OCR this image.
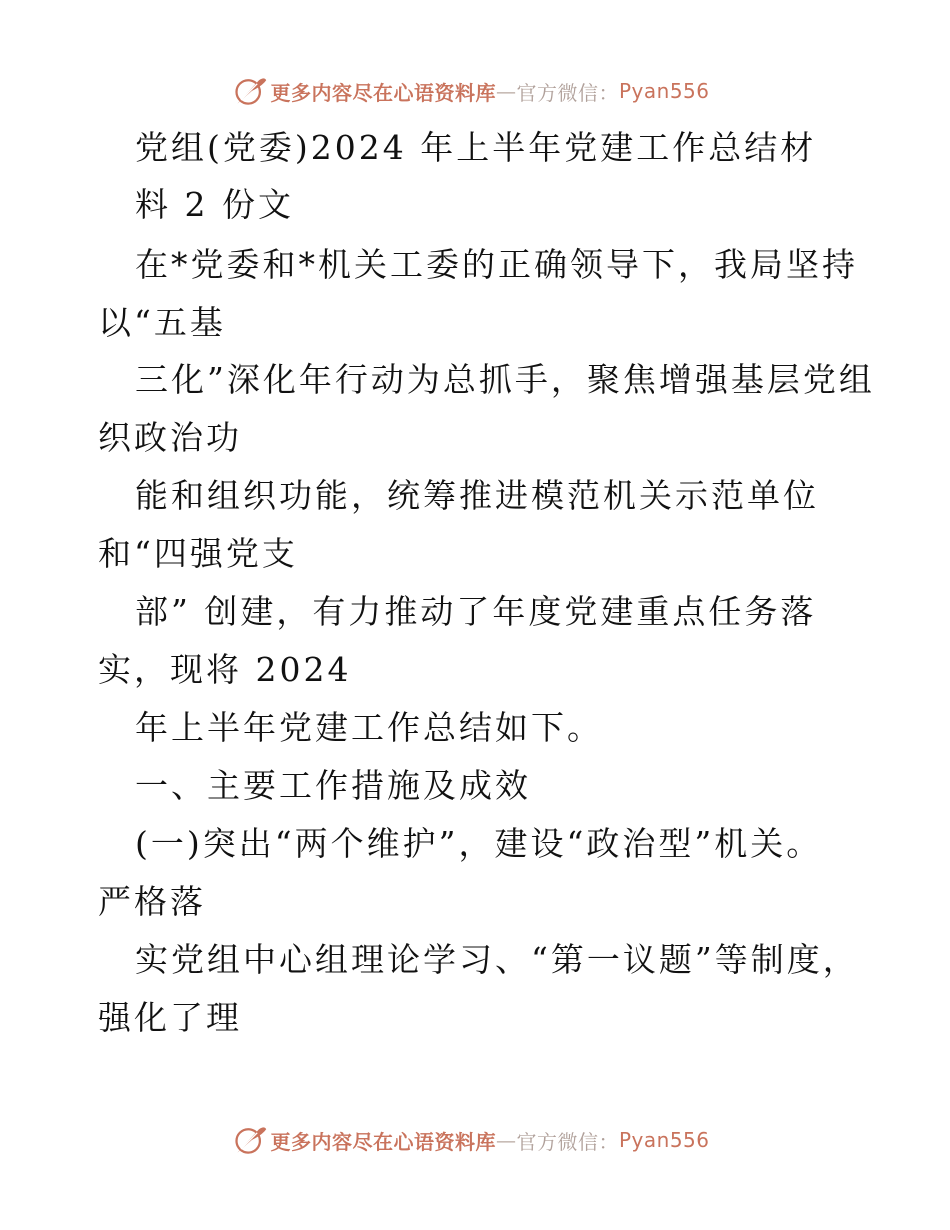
更多内容尽在心语资料库 — 官方微信： Pyan556
党组(党委)2024 年上半年党建工作总结材
料 2 份文
在*党委和*机关工委的正确领导下，我局坚持
以“五基
三化”深化年行动为总抓手，聚焦增强基层党组
织政治功
能和组织功能，统筹推进模范机关示范单位
和“四强党支
部” 创建，有力推动了年度党建重点任务落
实，现将 2024
年上半年党建工作总结如下。
一、主要工作措施及成效
(一)突出“两个维护”，建设“政治型”机关。
严格落
实党组中心组理论学习、“第一议题”等制度，
强化了理
更多内容尽在心语资料库 — 官方微信： Pyan556
